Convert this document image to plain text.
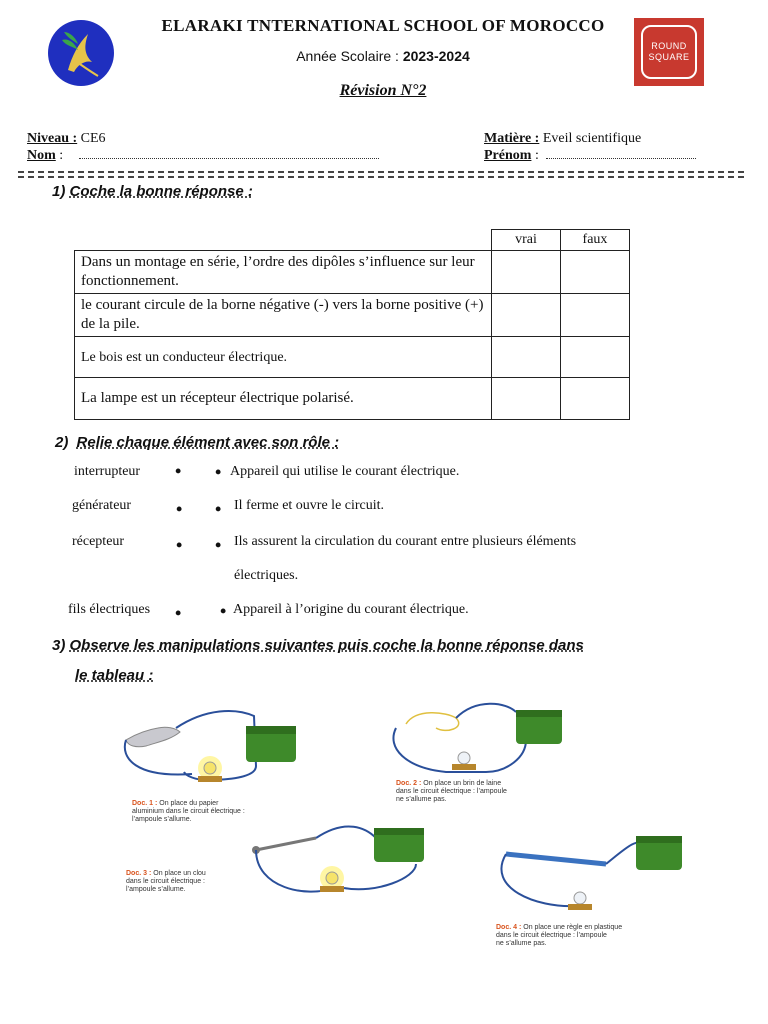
ELARAKI TNTERNATIONAL SCHOOL OF MOROCCO
Année Scolaire : 2023-2024
Révision N°2
ROUND
SQUARE
Niveau : CE6
Nom :
Matière : Eveil scientifique
Prénom :
1) Coche la bonne réponse :
	vrai	faux
Dans un montage en série, l’ordre des dipôles s’influence sur leur fonctionnement.		
le courant circule de la borne négative (-) vers la borne positive (+) de la pile.		
Le bois est un conducteur électrique.		
La lampe est un récepteur électrique polarisé.		
2) Relie chaque élément avec son rôle :
interrupteur
générateur
récepteur
fils électriques
•
•
•
•
•
•
•
•
Appareil qui utilise le courant électrique.
Il ferme et ouvre le circuit.
Ils assurent la circulation du courant entre plusieurs éléments
électriques.
Appareil à l’origine du courant électrique.
3) Observe les manipulations suivantes puis coche la bonne réponse dans
le tableau :
Doc. 1 : On place du papier
aluminium dans le circuit électrique :
l’ampoule s’allume.
Doc. 2 : On place un brin de laine
dans le circuit électrique : l’ampoule
ne s’allume pas.
Doc. 3 : On place un clou
dans le circuit électrique :
l’ampoule s’allume.
Doc. 4 : On place une règle en plastique
dans le circuit électrique : l’ampoule
ne s’allume pas.
